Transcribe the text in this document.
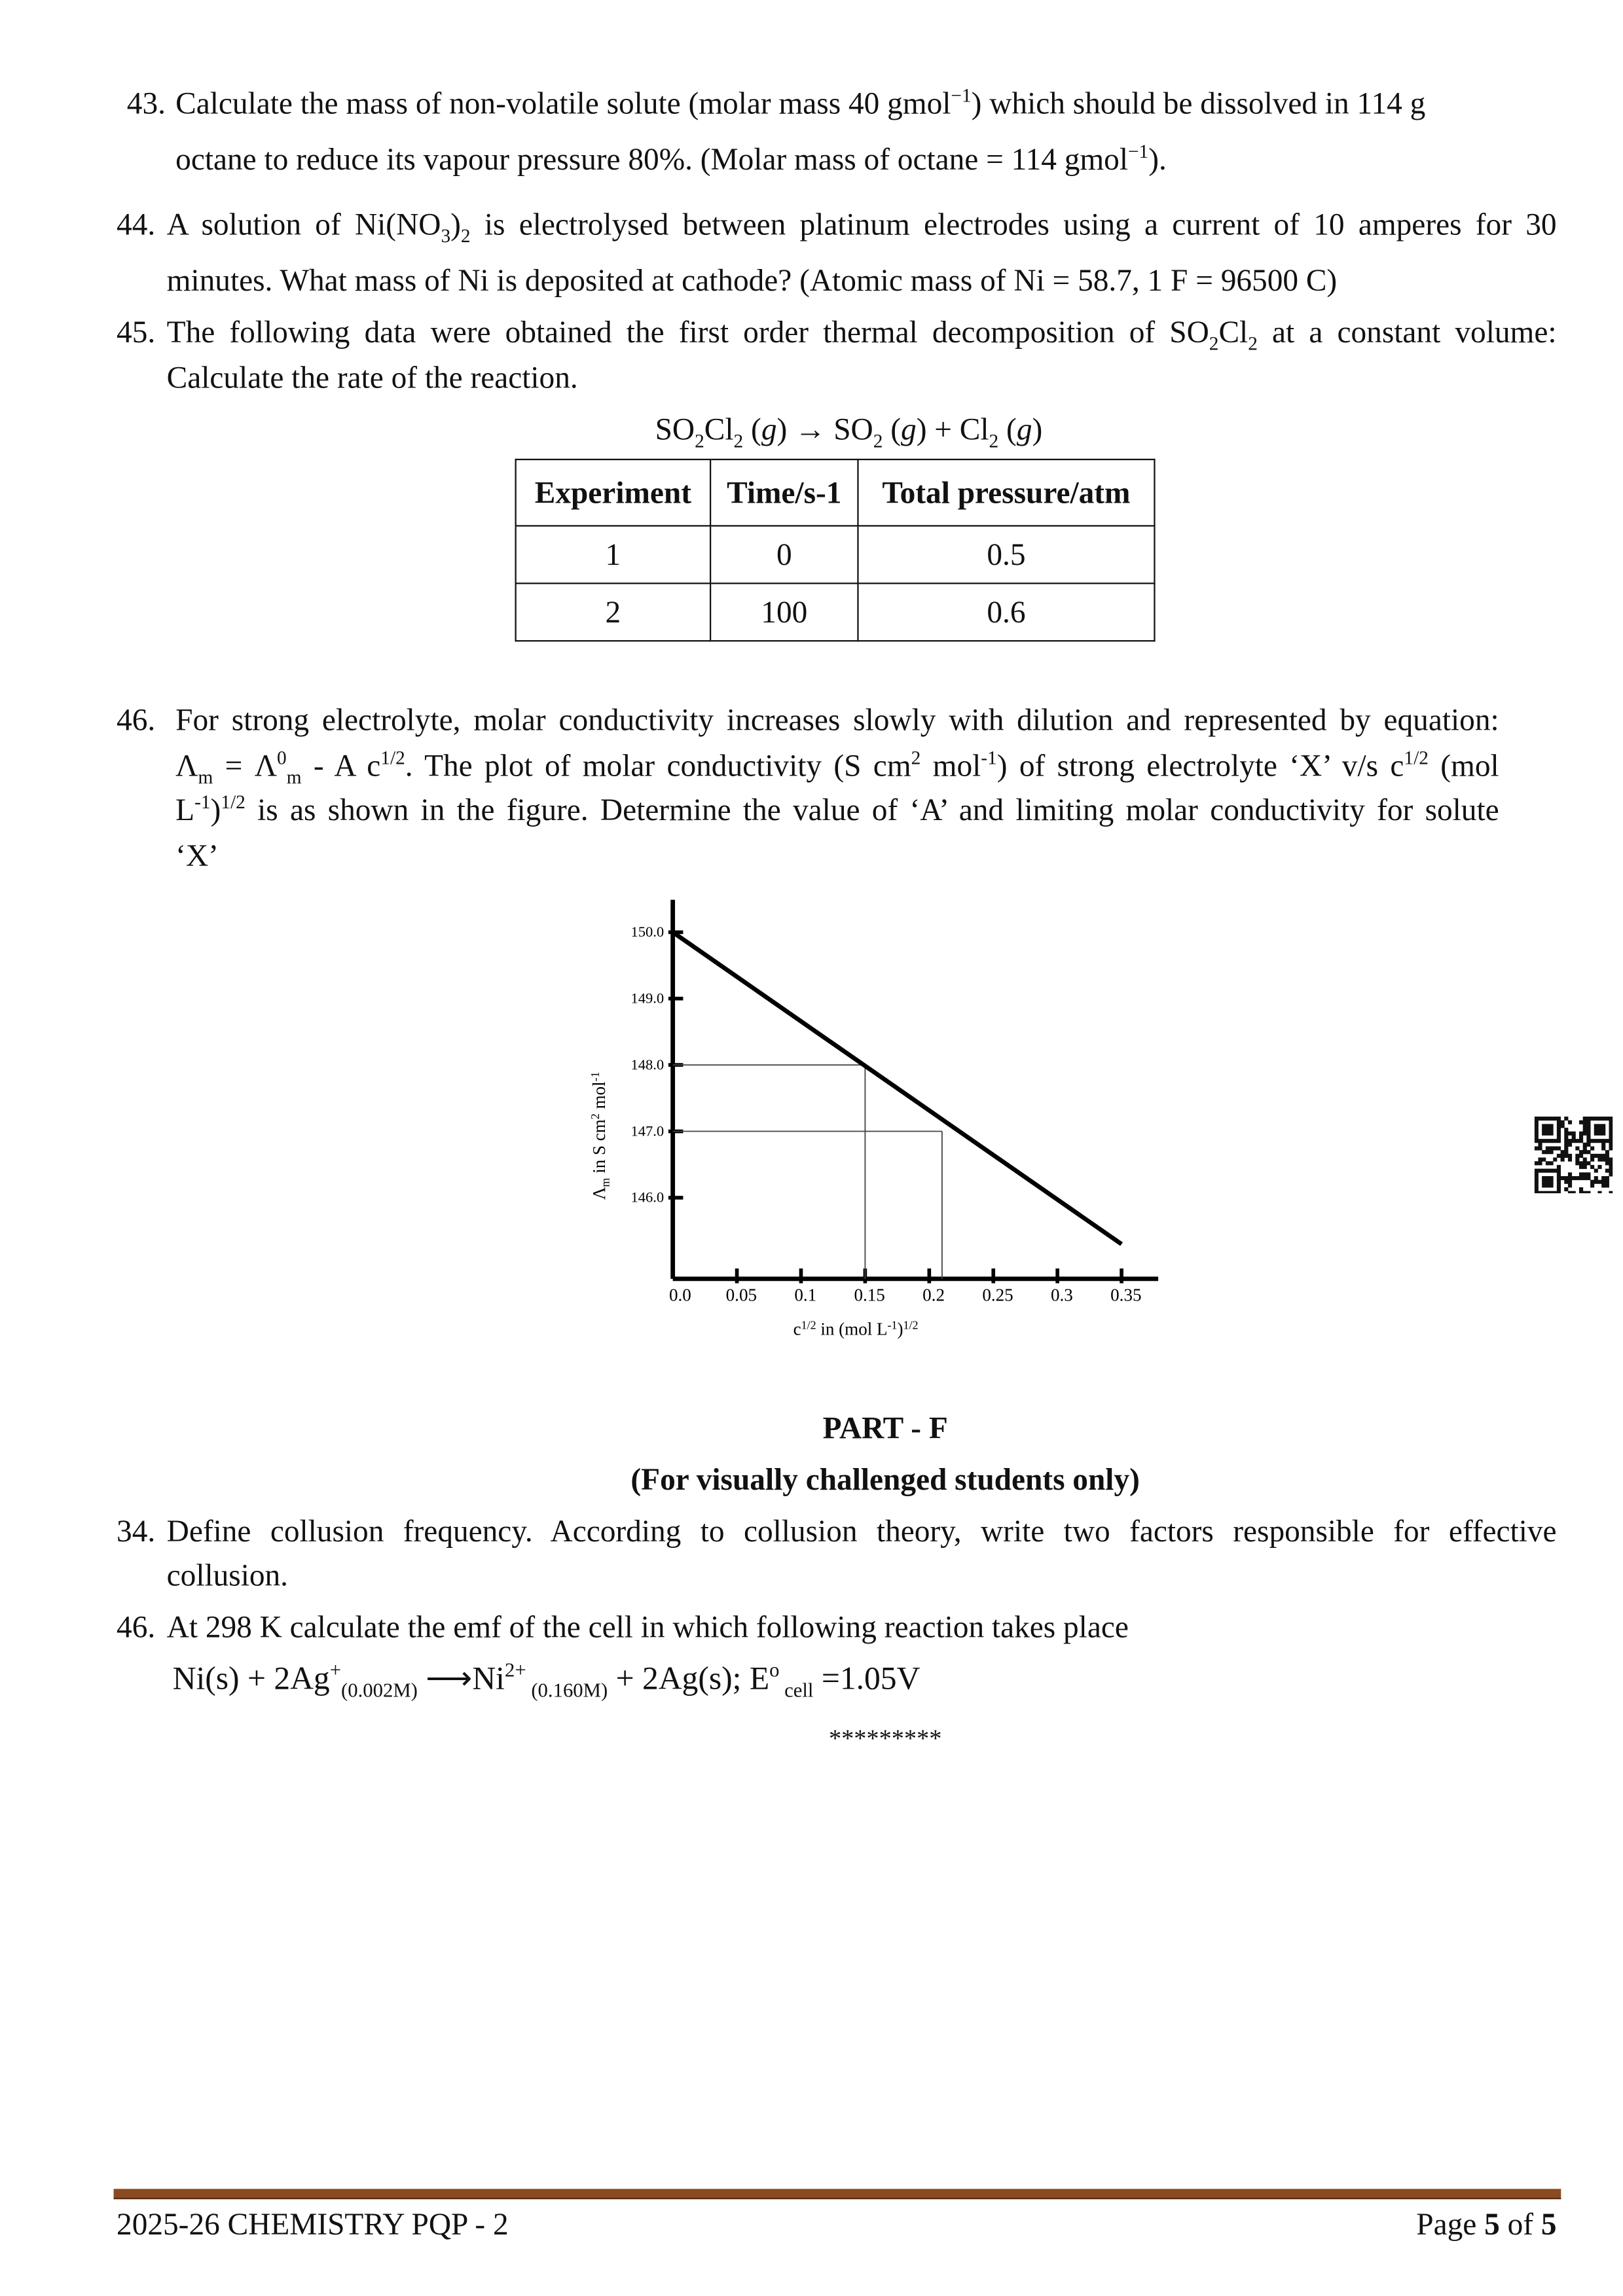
43. Calculate the mass of non-volatile solute (molar mass 40 gmol$^{-1}$) which should be dissolved in 114 g
octane to reduce its vapour pressure 80%. (Molar mass of octane = 114 gmol$^{-1}$).
44. A solution of $Ni(NO_3)_2$ is electrolysed between platinum electrodes using a current of 10 amperes for 30
minutes. What mass of Ni is deposited at cathode? (Atomic mass of Ni = 58.7, 1 F = 96500 C)
45. The following data were obtained the first order thermal decomposition of $SO_2Cl_2$ at a constant volume:
Calculate the rate of the reaction.
$SO_2Cl_2$ $(g) \to SO_2$ $(g) + Cl_2$ (g)
Experiment	Time/s-1	Total pressure/atm
1	0	0.5
2	100	0.6
46. For strong electrolyte, molar conductivity increases slowly with dilution and represented by equation:
$\Lambda_m = \Lambda^0_m - A$ $c^{1/2}$. The plot of molar conductivity (S $cm^2$ mol$^{-1}$) of strong electrolyte ‘X’ v/s $c^{1/2}$ (mol
$L^{-1})^{1/2}$ is as shown in the figure. Determine the value of ‘A’ and limiting molar conductivity for solute
‘X’
150.0
149.0
148.0
147.0
146.0
0.0	0.05	0.1	0.15	0.2	0.25	0.3	0.35
$c^{1/2}$ in (mol $L^{-1})^{1/2}$
$\Lambda_m$ in S $cm^2$ mol$^{-1}$
PART - F
(For visually challenged students only)
34. Define collusion frequency. According to collusion theory, write two factors responsible for effective
collusion.
46. At 298 K calculate the emf of the cell in which following reaction takes place
$Ni(s) + 2Ag^+_{(0.002M)}$ $⟶Ni^{2+}$ $_{(0.160M)}$ + 2Ag(s); $E^o$ $_{cell}$ =1.05V
*********
2025-26 CHEMISTRY PQP - 2	Page 5 of 5
